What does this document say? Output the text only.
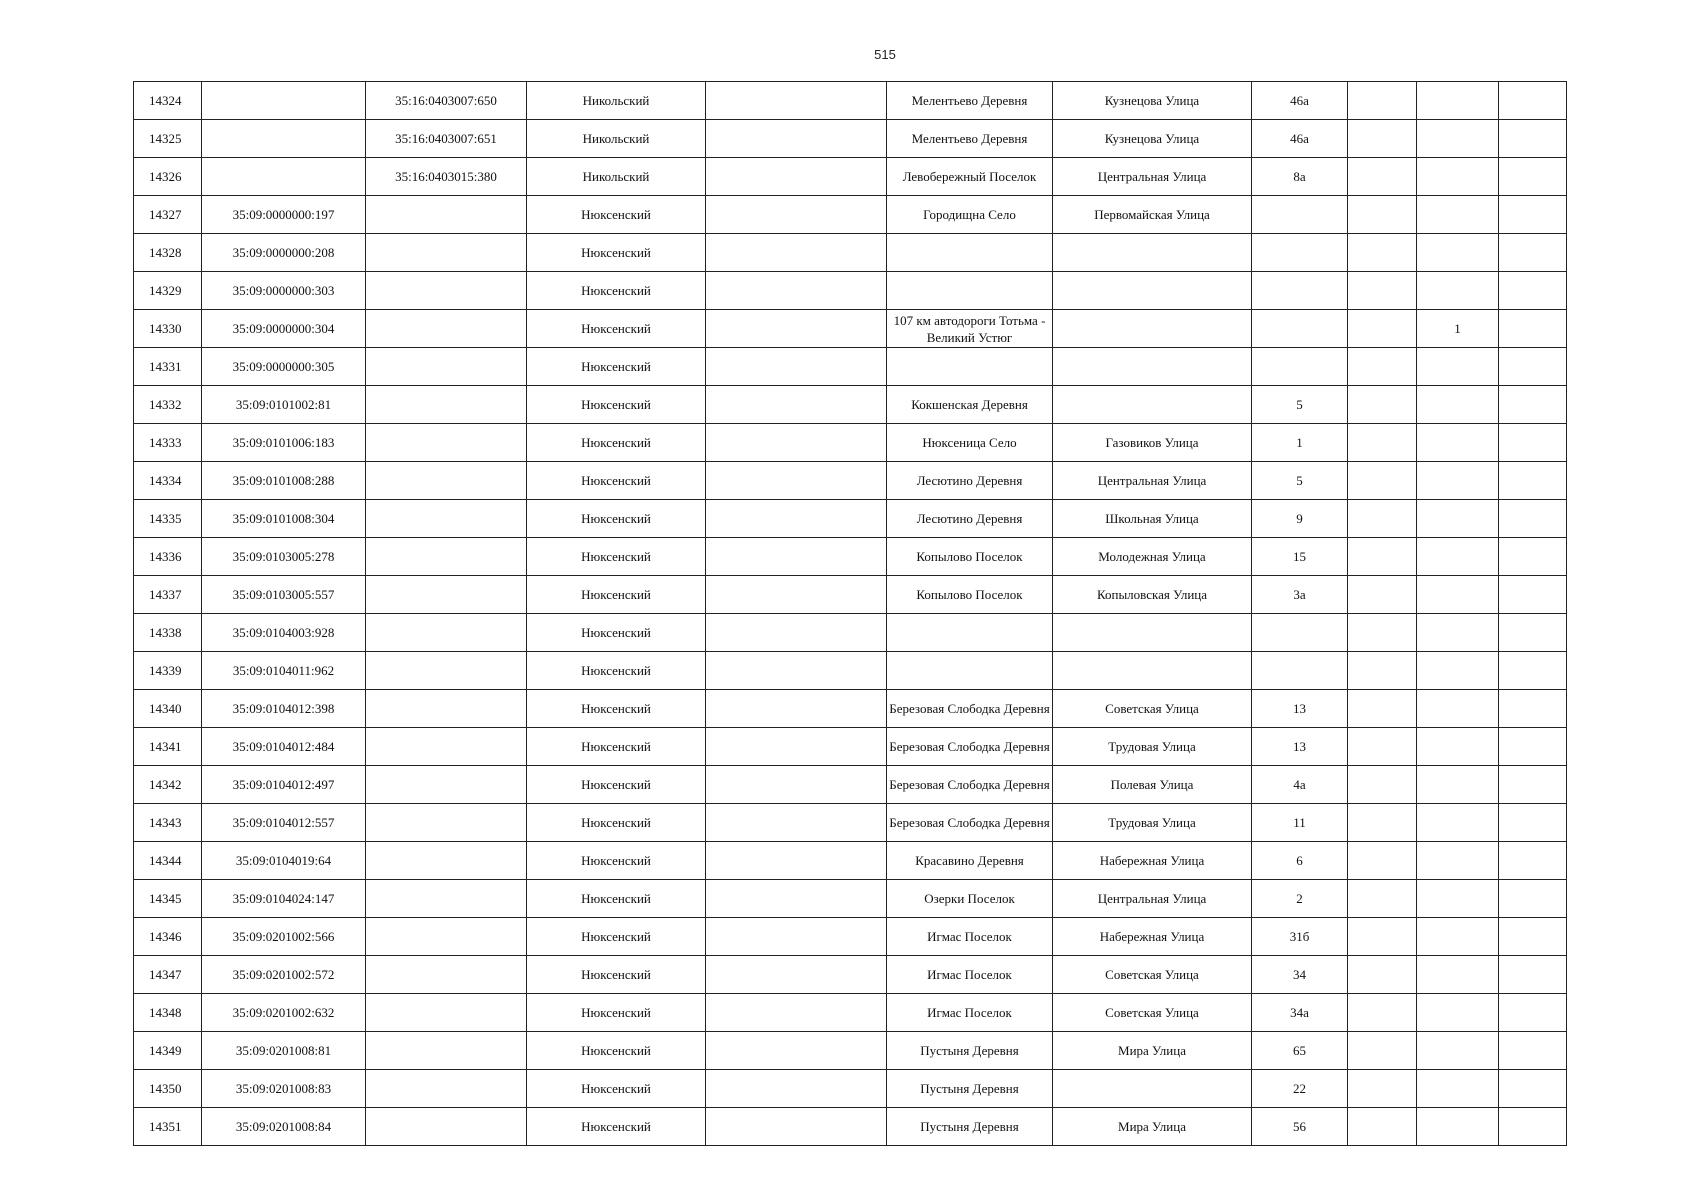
515
14324		35:16:0403007:650	Никольский		Мелентьево Деревня	Кузнецова Улица	46а			
14325		35:16:0403007:651	Никольский		Мелентьево Деревня	Кузнецова Улица	46а			
14326		35:16:0403015:380	Никольский		Левобережный Поселок	Центральная Улица	8а			
14327	35:09:0000000:197		Нюксенский		Городищна Село	Первомайская Улица				
14328	35:09:0000000:208		Нюксенский							
14329	35:09:0000000:303		Нюксенский							
14330	35:09:0000000:304		Нюксенский		107 км автодороги Тотьма - Великий Устюг				1	
14331	35:09:0000000:305		Нюксенский							
14332	35:09:0101002:81		Нюксенский		Кокшенская Деревня		5			
14333	35:09:0101006:183		Нюксенский		Нюксеница Село	Газовиков Улица	1			
14334	35:09:0101008:288		Нюксенский		Лесютино Деревня	Центральная Улица	5			
14335	35:09:0101008:304		Нюксенский		Лесютино Деревня	Школьная Улица	9			
14336	35:09:0103005:278		Нюксенский		Копылово Поселок	Молодежная Улица	15			
14337	35:09:0103005:557		Нюксенский		Копылово Поселок	Копыловская Улица	3а			
14338	35:09:0104003:928		Нюксенский							
14339	35:09:0104011:962		Нюксенский							
14340	35:09:0104012:398		Нюксенский		Березовая Слободка Деревня	Советская Улица	13			
14341	35:09:0104012:484		Нюксенский		Березовая Слободка Деревня	Трудовая Улица	13			
14342	35:09:0104012:497		Нюксенский		Березовая Слободка Деревня	Полевая Улица	4а			
14343	35:09:0104012:557		Нюксенский		Березовая Слободка Деревня	Трудовая Улица	11			
14344	35:09:0104019:64		Нюксенский		Красавино Деревня	Набережная Улица	6			
14345	35:09:0104024:147		Нюксенский		Озерки Поселок	Центральная Улица	2			
14346	35:09:0201002:566		Нюксенский		Игмас Поселок	Набережная Улица	31б			
14347	35:09:0201002:572		Нюксенский		Игмас Поселок	Советская Улица	34			
14348	35:09:0201002:632		Нюксенский		Игмас Поселок	Советская Улица	34а			
14349	35:09:0201008:81		Нюксенский		Пустыня Деревня	Мира Улица	65			
14350	35:09:0201008:83		Нюксенский		Пустыня Деревня		22			
14351	35:09:0201008:84		Нюксенский		Пустыня Деревня	Мира Улица	56			
